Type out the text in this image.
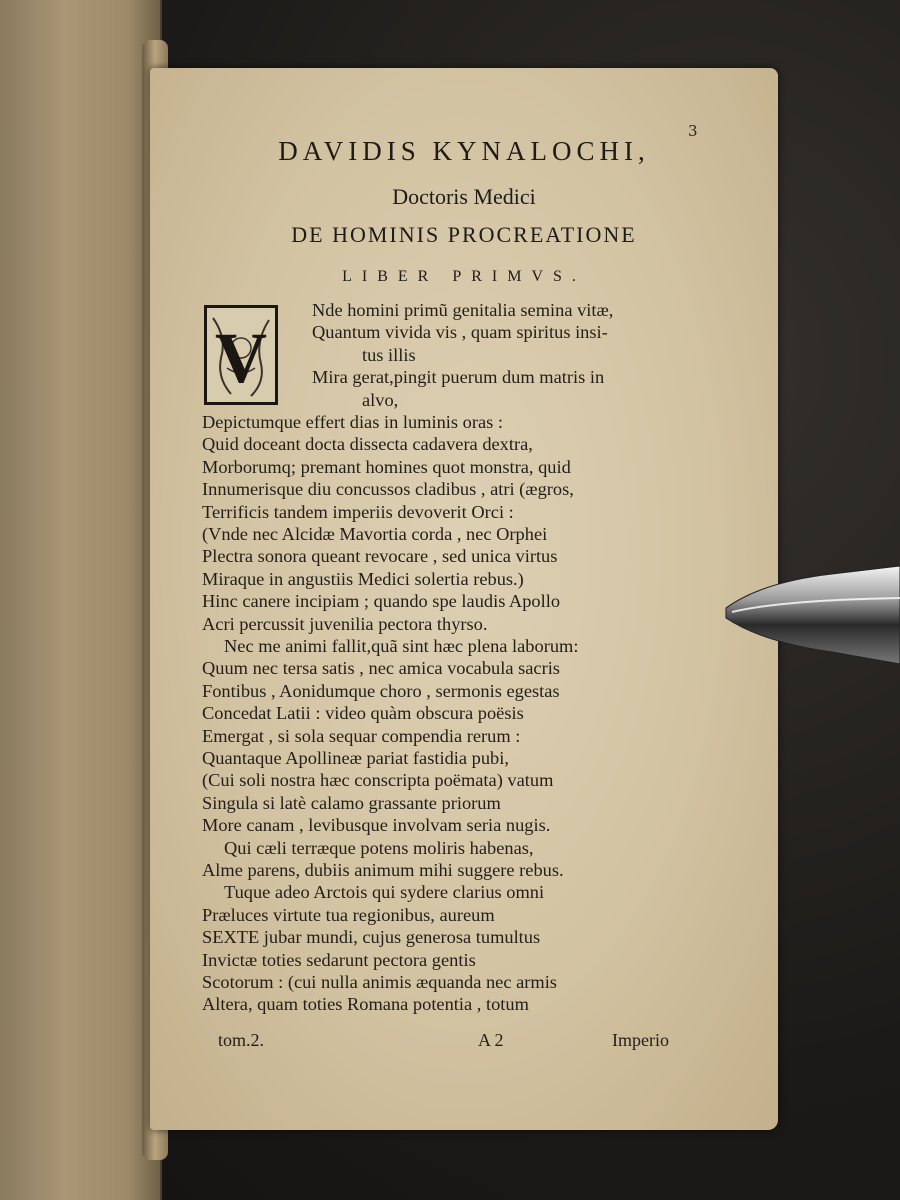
3
DAVIDIS KYNALOCHI,
Doctoris Medici
DE HOMINIS PROCREATIONE
LIBER PRIMVS.
V
Nde homini primũ genitalia semina vitæ,
Quantum vivida vis , quam spiritus insi-
tus illis
Mira gerat,pingit puerum dum matris in
alvo,
Depictumque effert dias in luminis oras :
Quid doceant docta dissecta cadavera dextra,
Morborumq; premant homines quot monstra, quid
Innumerisque diu concussos cladibus , atri (ægros,
Terrificis tandem imperiis devoverit Orci :
(Vnde nec Alcidæ Mavortia corda , nec Orphei
Plectra sonora queant revocare , sed unica virtus
Miraque in angustiis Medici solertia rebus.)
Hinc canere incipiam ; quando spe laudis Apollo
Acri percussit juvenilia pectora thyrso.
Nec me animi fallit,quã sint hæc plena laborum:
Quum nec tersa satis , nec amica vocabula sacris
Fontibus , Aonidumque choro , sermonis egestas
Concedat Latii : video quàm obscura poësis
Emergat , si sola sequar compendia rerum :
Quantaque Apollineæ pariat fastidia pubi,
(Cui soli nostra hæc conscripta poëmata) vatum
Singula si latè calamo grassante priorum
More canam , levibusque involvam seria nugis.
Qui cæli terræque potens moliris habenas,
Alme parens, dubiis animum mihi suggere rebus.
Tuque adeo Arctois qui sydere clarius omni
Præluces virtute tua regionibus, aureum
SEXTE jubar mundi, cujus generosa tumultus
Invictæ toties sedarunt pectora gentis
Scotorum : (cui nulla animis æquanda nec armis
Altera, quam toties Romana potentia , totum
tom.2.	A 2	Imperio
